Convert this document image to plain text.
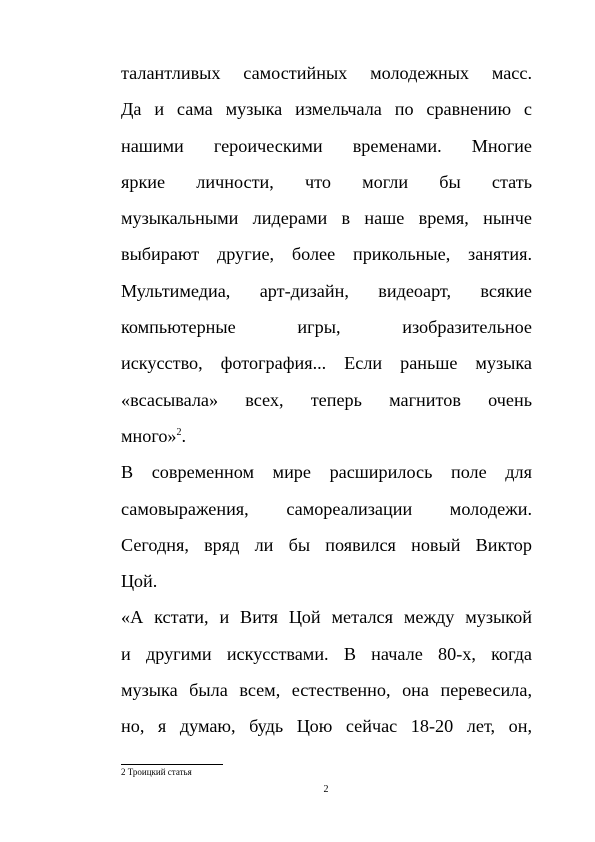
талантливых самостийных молодежных масс.
Да и сама музыка измельчала по сравнению с
нашими героическими временами. Многие
яркие личности, что могли бы стать
музыкальными лидерами в наше время, нынче
выбирают другие, более прикольные, занятия.
Мультимедиа, арт-дизайн, видеоарт, всякие
компьютерные игры, изобразительное
искусство, фотография... Если раньше музыка
«всасывала» всех, теперь магнитов очень
много»$^2$.
В современном мире расширилось поле для
самовыражения, самореализации молодежи.
Сегодня, вряд ли бы появился новый Виктор
Цой.
«А кстати, и Витя Цой метался между музыкой
и другими искусствами. В начале 80-х, когда
музыка была всем, естественно, она перевесила,
но, я думаю, будь Цою сейчас 18-20 лет, он,
2 Троицкий статья
2
